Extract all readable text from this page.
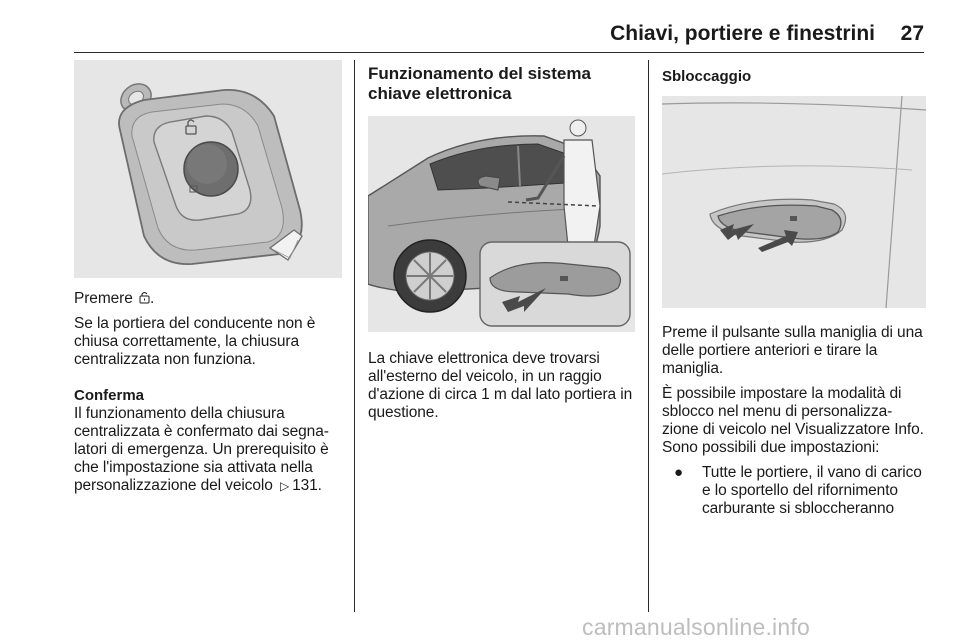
Chiavi, portiere e finestrini 27

Premere .

Se la portiera del conducente non è chiusa correttamente, la chiusura centralizzata non funziona.

Conferma

Il funzionamento della chiusura centralizzata è confermato dai segna-latori di emergenza. Un prerequisito è che l'impostazione sia attivata nella personalizzazione del veicolo ▷ 131.

Funzionamento del sistema
chiave elettronica

La chiave elettronica deve trovarsi all'esterno del veicolo, in un raggio d'azione di circa 1 m dal lato portiera in questione.

Sbloccaggio

Preme il pulsante sulla maniglia di una delle portiere anteriori e tirare la maniglia.

È possibile impostare la modalità di sblocco nel menu di personalizza-zione di veicolo nel Visualizzatore Info. Sono possibili due impostazioni:

●	Tutte le portiere, il vano di carico e lo sportello del rifornimento carburante si sbloccheranno
carmanualsonline.info
